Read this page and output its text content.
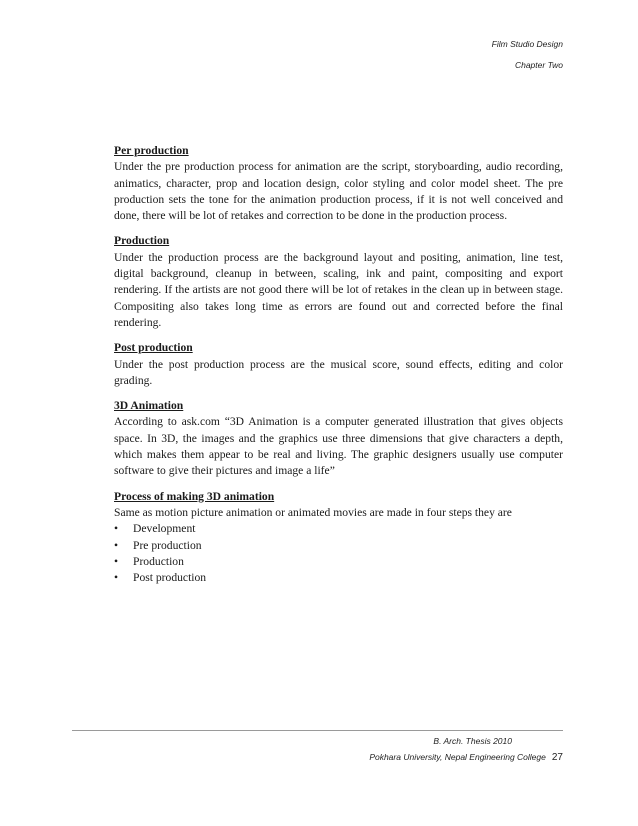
Film Studio Design
Chapter Two
Per production

Under the pre production process for animation are the script, storyboarding, audio recording, animatics, character, prop and location design, color styling and color model sheet. The pre production sets the tone for the animation production process, if it is not well conceived and done, there will be lot of retakes and correction to be done in the production process.

Production

Under the production process are the background layout and positing, animation, line test, digital background, cleanup in between, scaling, ink and paint, compositing and export rendering. If the artists are not good there will be lot of retakes in the clean up in between stage. Compositing also takes long time as errors are found out and corrected before the final rendering.

Post production

Under the post production process are the musical score, sound effects, editing and color grading.

3D Animation

According to ask.com “3D Animation is a computer generated illustration that gives objects space. In 3D, the images and the graphics use three dimensions that give characters a depth, which makes them appear to be real and living. The graphic designers usually use computer software to give their pictures and image a life”

Process of making 3D animation

Same as motion picture animation or animated movies are made in four steps they are

• Development
• Pre production
• Production
• Post production
B. Arch. Thesis 2010
Pokhara University, Nepal Engineering College 27
